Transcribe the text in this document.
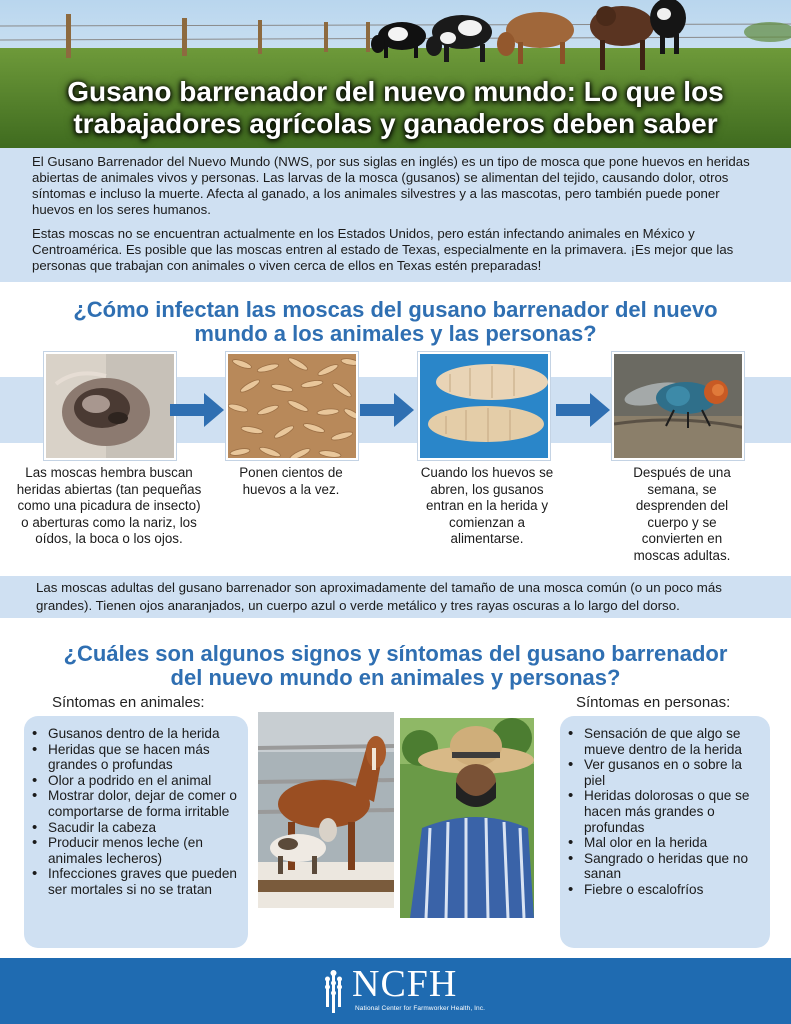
Gusano barrenador del nuevo mundo: Lo que los
trabajadores agrícolas y ganaderos deben saber

El Gusano Barrenador del Nuevo Mundo (NWS, por sus siglas en inglés) es un tipo de mosca que pone huevos en heridas abiertas de animales vivos y personas. Las larvas de la mosca (gusanos) se alimentan del tejido, causando dolor, otros síntomas e incluso la muerte. Afecta al ganado, a los animales silvestres y a las mascotas, pero también puede poner huevos en los seres humanos.

Estas moscas no se encuentran actualmente en los Estados Unidos, pero están infectando animales en México y Centroamérica. Es posible que las moscas entren al estado de Texas, especialmente en la primavera. ¡Es mejor que las personas que trabajan con animales o viven cerca de ellos en Texas estén preparadas!

¿Cómo infectan las moscas del gusano barrenador del nuevo
mundo a los animales y las personas?
Las moscas hembra buscan heridas abiertas (tan pequeñas como una picadura de insecto) o aberturas como la nariz, los oídos, la boca o los ojos.
Ponen cientos de huevos a la vez.
Cuando los huevos se abren, los gusanos entran en la herida y comienzan a alimentarse.
Después de una semana, se desprenden del cuerpo y se convierten en moscas adultas.

Las moscas adultas del gusano barrenador son aproximadamente del tamaño de una mosca común (o un poco más grandes). Tienen ojos anaranjados, un cuerpo azul o verde metálico y tres rayas oscuras a lo largo del dorso.

¿Cuáles son algunos signos y síntomas del gusano barrenador
del nuevo mundo en animales y personas?
Síntomas en animales:
• Gusanos dentro de la herida
• Heridas que se hacen más grandes o profundas
• Olor a podrido en el animal
• Mostrar dolor, dejar de comer o comportarse de forma irritable
• Sacudir la cabeza
• Producir menos leche (en animales lecheros)
• Infecciones graves que pueden ser mortales si no se tratan
Síntomas en personas:
• Sensación de que algo se mueve dentro de la herida
• Ver gusanos en o sobre la piel
• Heridas dolorosas o que se hacen más grandes o profundas
• Mal olor en la herida
• Sangrado o heridas que no sanan
• Fiebre o escalofríos
NCFH
National Center for Farmworker Health, Inc.
